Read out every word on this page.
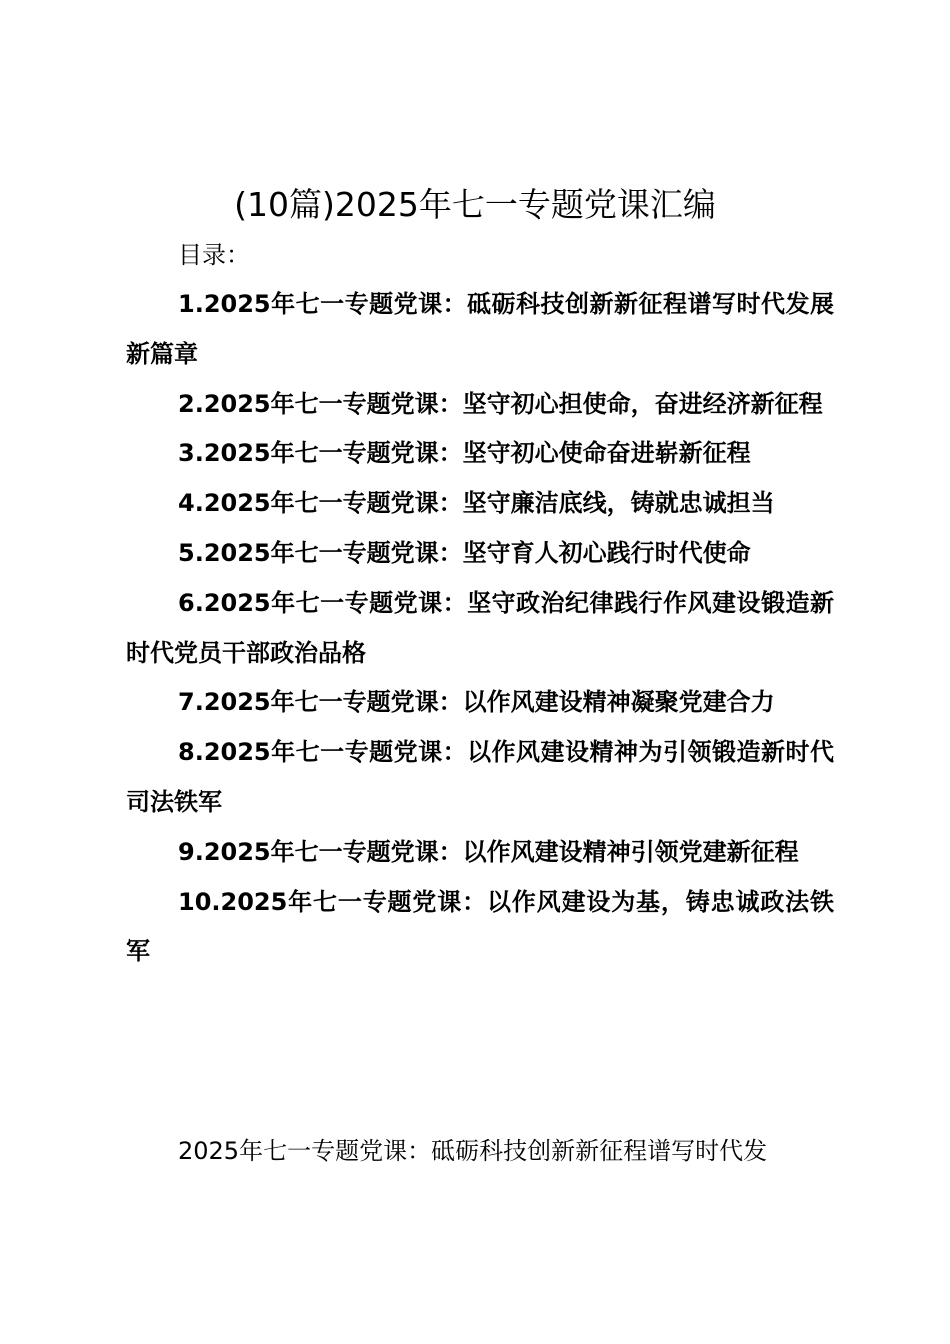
(10篇)2025年七一专题党课汇编
目录：
1.2025年七一专题党课：砥砺科技创新新征程谱写时代发展新篇章
2.2025年七一专题党课：坚守初心担使命，奋进经济新征程
3.2025年七一专题党课：坚守初心使命奋进崭新征程
4.2025年七一专题党课：坚守廉洁底线，铸就忠诚担当
5.2025年七一专题党课：坚守育人初心践行时代使命
6.2025年七一专题党课：坚守政治纪律践行作风建设锻造新时代党员干部政治品格
7.2025年七一专题党课：以作风建设精神凝聚党建合力
8.2025年七一专题党课：以作风建设精神为引领锻造新时代司法铁军
9.2025年七一专题党课：以作风建设精神引领党建新征程
10.2025年七一专题党课：以作风建设为基，铸忠诚政法铁军
2025年七一专题党课：砥砺科技创新新征程谱写时代发
